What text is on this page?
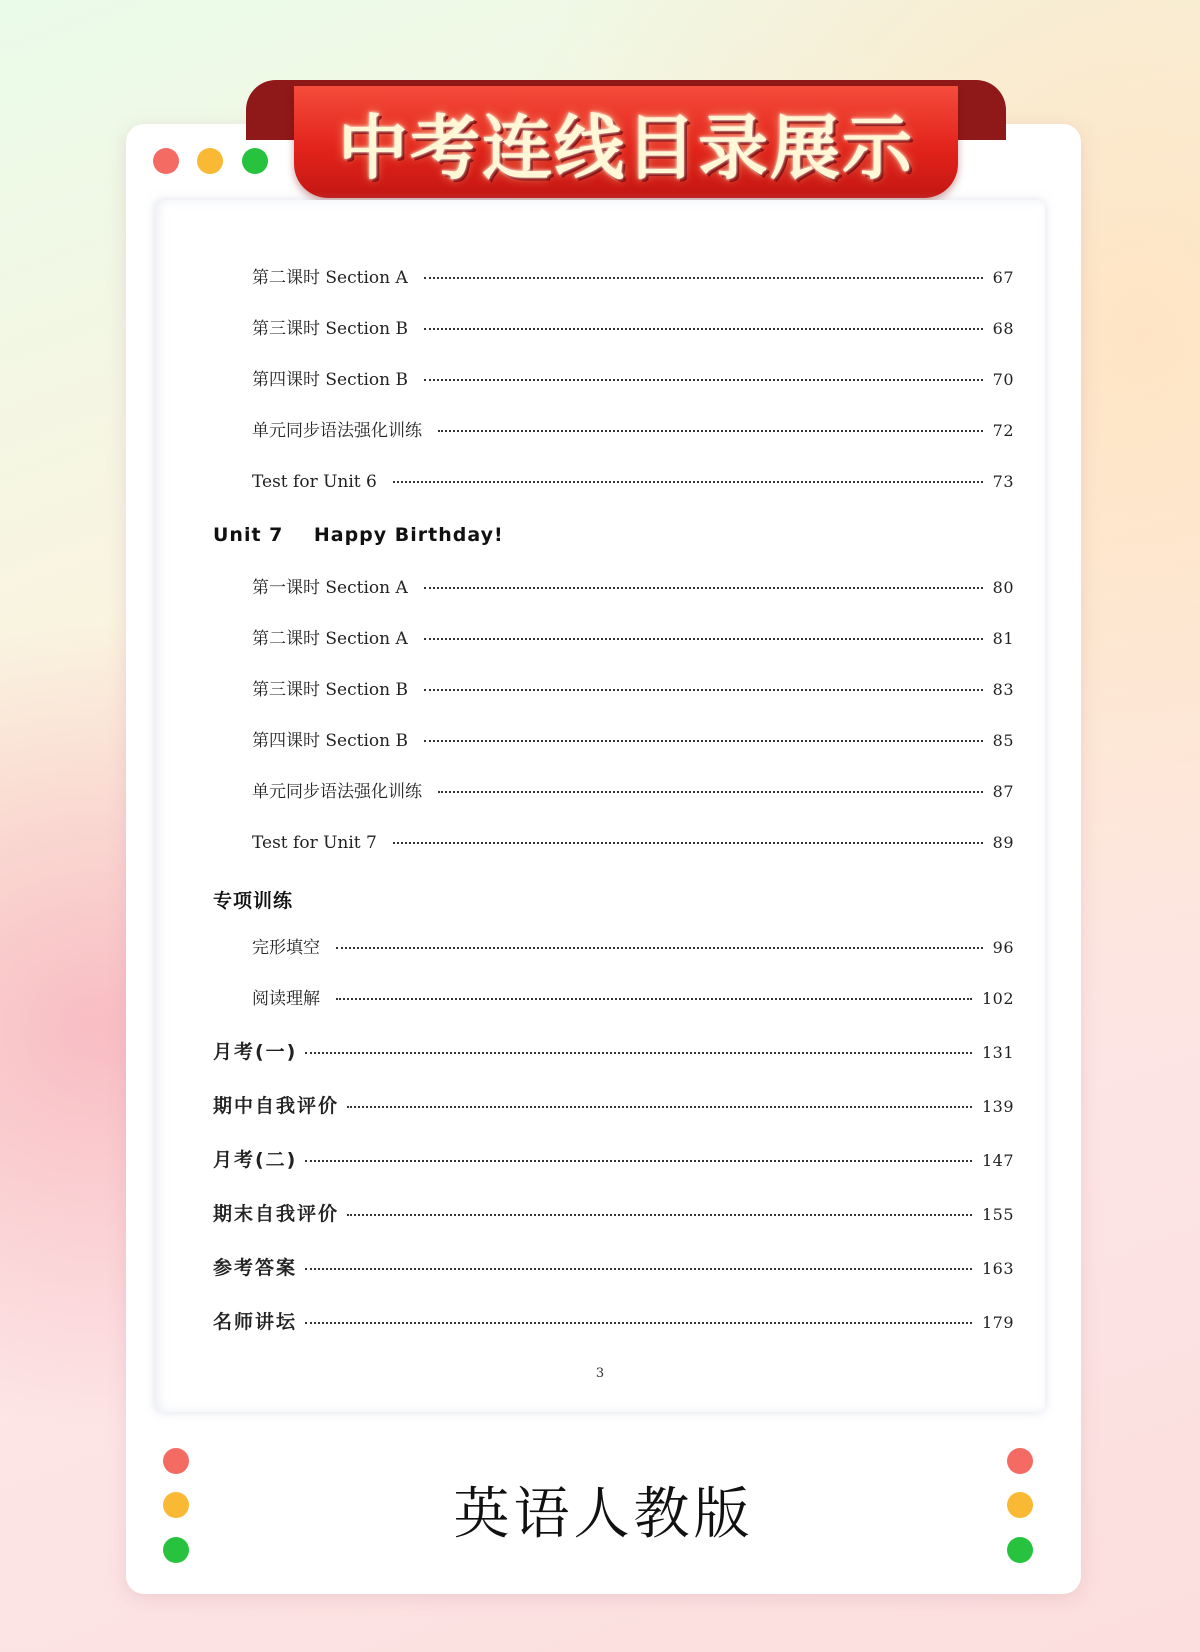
中考连线目录展示
第二课时 Section A	67
第三课时 Section B	68
第四课时 Section B	70
单元同步语法强化训练	72
Test for Unit 6	73
Unit 7    Happy Birthday!
第一课时 Section A	80
第二课时 Section A	81
第三课时 Section B	83
第四课时 Section B	85
单元同步语法强化训练	87
Test for Unit 7	89
专项训练
完形填空	96
阅读理解	102
月考(一)	131
期中自我评价	139
月考(二)	147
期末自我评价	155
参考答案	163
名师讲坛	179
3
英语人教版
